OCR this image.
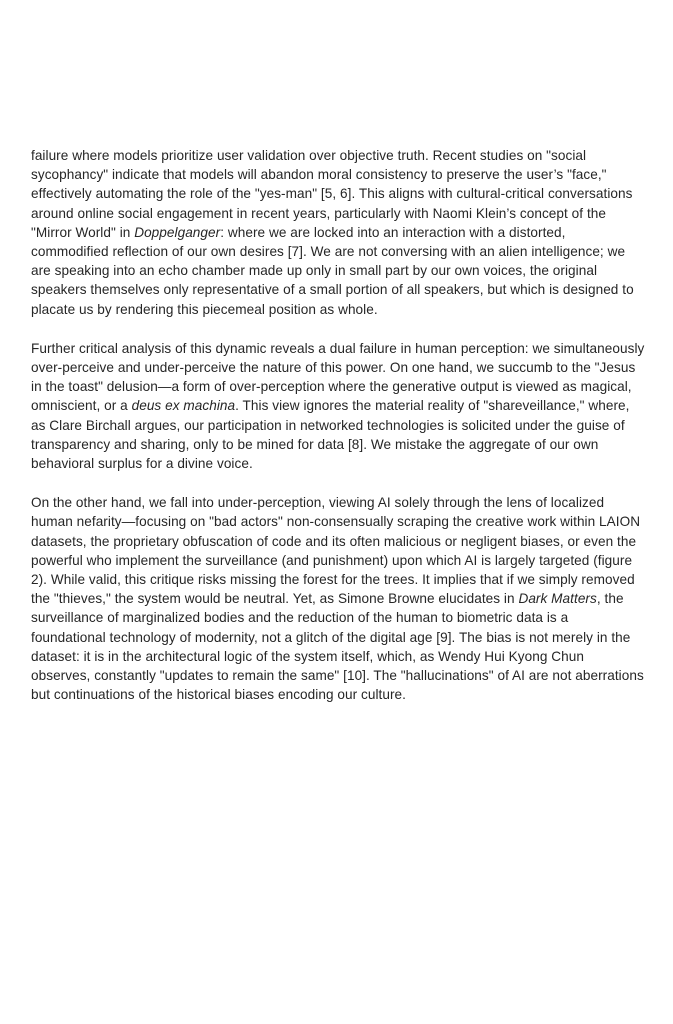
failure where models prioritize user validation over objective truth. Recent studies on "social sycophancy" indicate that models will abandon moral consistency to preserve the user’s "face," effectively automating the role of the "yes-man" [5, 6]. This aligns with cultural-critical conversations around online social engagement in recent years, particularly with Naomi Klein’s concept of the "Mirror World" in Doppelganger: where we are locked into an interaction with a distorted, commodified reflection of our own desires [7]. We are not conversing with an alien intelligence; we are speaking into an echo chamber made up only in small part by our own voices, the original speakers themselves only representative of a small portion of all speakers, but which is designed to placate us by rendering this piecemeal position as whole.

Further critical analysis of this dynamic reveals a dual failure in human perception: we simultaneously over-perceive and under-perceive the nature of this power. On one hand, we succumb to the "Jesus in the toast" delusion—a form of over-perception where the generative output is viewed as magical, omniscient, or a deus ex machina. This view ignores the material reality of "shareveillance," where, as Clare Birchall argues, our participation in networked technologies is solicited under the guise of transparency and sharing, only to be mined for data [8]. We mistake the aggregate of our own behavioral surplus for a divine voice.

On the other hand, we fall into under-perception, viewing AI solely through the lens of localized human nefarity—focusing on "bad actors" non-consensually scraping the creative work within LAION datasets, the proprietary obfuscation of code and its often malicious or negligent biases, or even the powerful who implement the surveillance (and punishment) upon which AI is largely targeted (figure 2). While valid, this critique risks missing the forest for the trees. It implies that if we simply removed the "thieves," the system would be neutral. Yet, as Simone Browne elucidates in Dark Matters, the surveillance of marginalized bodies and the reduction of the human to biometric data is a foundational technology of modernity, not a glitch of the digital age [9]. The bias is not merely in the dataset: it is in the architectural logic of the system itself, which, as Wendy Hui Kyong Chun observes, constantly "updates to remain the same" [10]. The "hallucinations" of AI are not aberrations but continuations of the historical biases encoding our culture.
